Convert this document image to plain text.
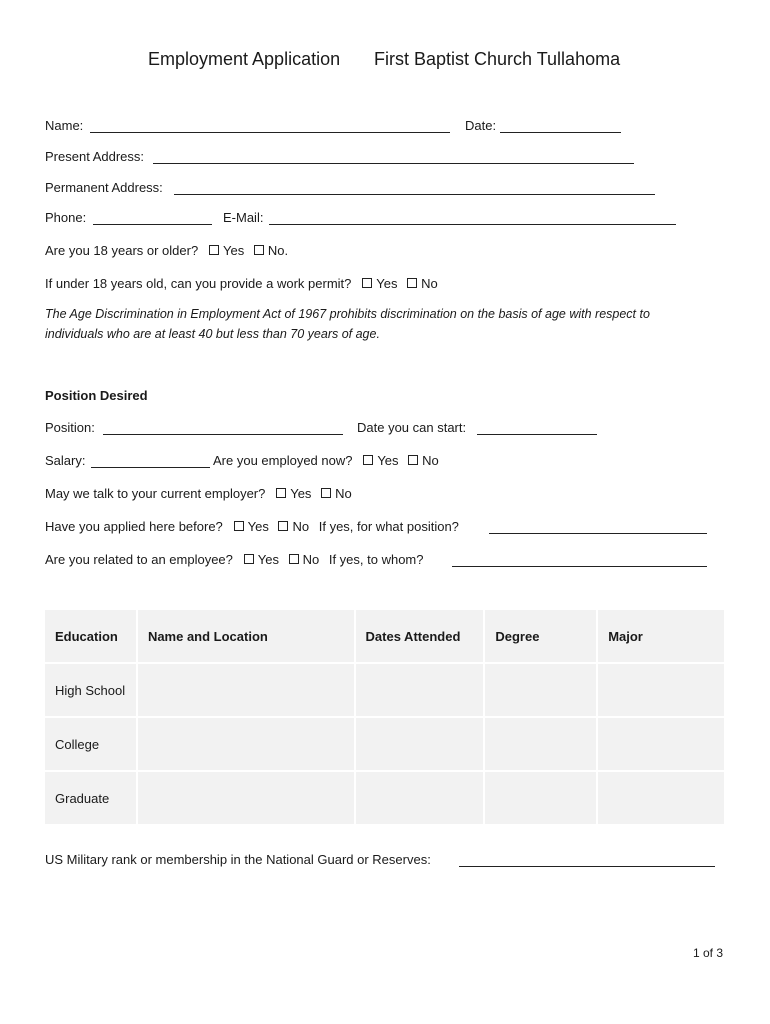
Employment Application First Baptist Church Tullahoma
Name:	Date:
Present Address:
Permanent Address:
Phone:	E-Mail:
Are you 18 years or older? Yes No.
If under 18 years old, can you provide a work permit? Yes No
The Age Discrimination in Employment Act of 1967 prohibits discrimination on the basis of age with respect to
individuals who are at least 40 but less than 70 years of age.
Position Desired
Position:	Date you can start:
Salary:	Are you employed now? Yes No
May we talk to your current employer? Yes No
Have you applied here before? Yes No If yes, for what position?
Are you related to an employee? Yes No If yes, to whom?
Education	Name and Location	Dates Attended	Degree	Major
High School				
College				
Graduate				
US Military rank or membership in the National Guard or Reserves:
1 of 3
